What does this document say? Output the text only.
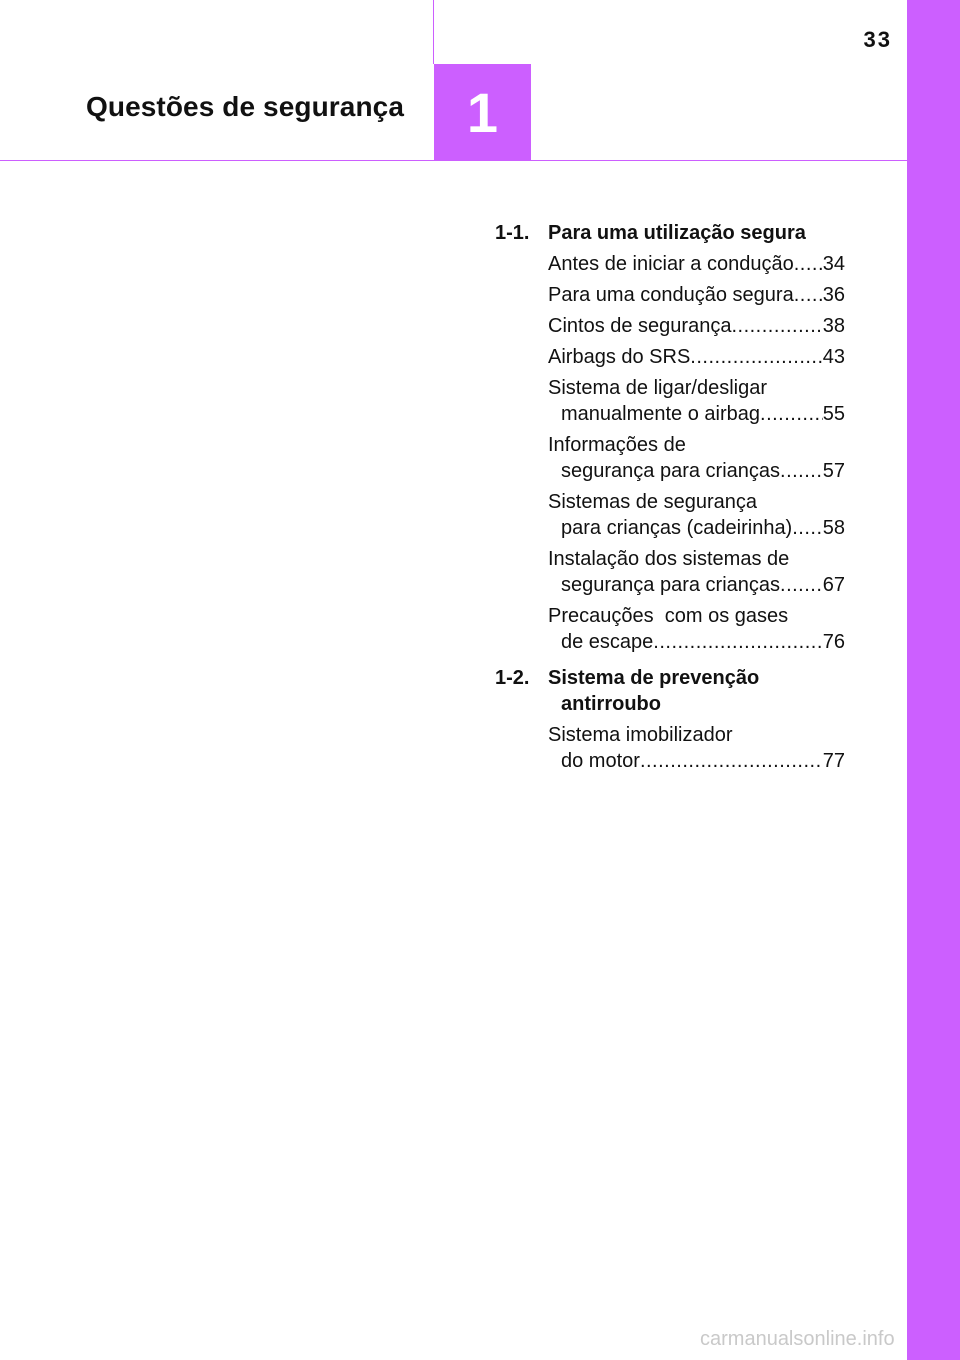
33
Questões de segurança 1
1-1. Para uma utilização segura
Antes de iniciar a condução ..... 34
Para uma condução segura ..... 36
Cintos de segurança .....	38
Airbags do SRS .....	43
Sistema de ligar/desligar
manualmente o airbag .....	55
Informações de
segurança para crianças ..... 57
Sistemas de segurança
para crianças (cadeirinha) ..... 58
Instalação dos sistemas de
segurança para crianças ..... 67
Precauções  com os gases
de escape .....	76
1-2. Sistema de prevenção antirroubo
Sistema imobilizador
do motor .....	77
carmanualsonline.info
